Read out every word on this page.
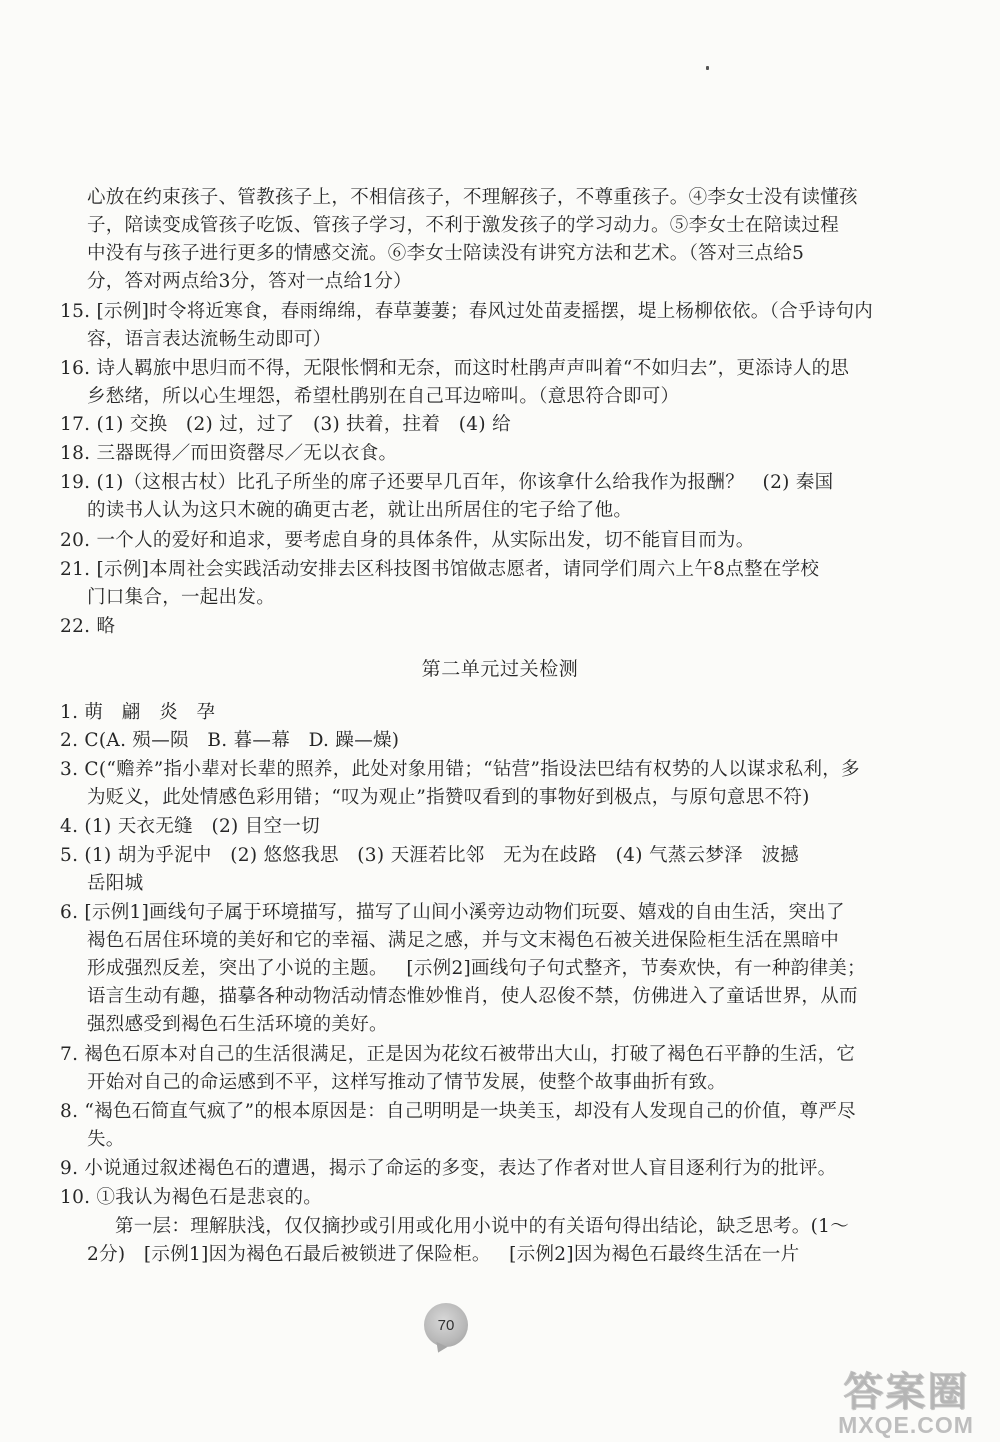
心放在约束孩子、管教孩子上，不相信孩子，不理解孩子，不尊重孩子。④李女士没有读懂孩
子，陪读变成管孩子吃饭、管孩子学习，不利于激发孩子的学习动力。⑤李女士在陪读过程
中没有与孩子进行更多的情感交流。⑥李女士陪读没有讲究方法和艺术。（答对三点给5
分，答对两点给3分，答对一点给1分）
15. [示例]时令将近寒食，春雨绵绵，春草萋萋；春风过处苗麦摇摆，堤上杨柳依依。（合乎诗句内
容，语言表达流畅生动即可）
16. 诗人羁旅中思归而不得，无限怅惘和无奈，而这时杜鹃声声叫着“不如归去”，更添诗人的思
乡愁绪，所以心生埋怨，希望杜鹃别在自己耳边啼叫。（意思符合即可）
17. (1) 交换   (2) 过，过了   (3) 扶着，拄着   (4) 给
18. 三器既得／而田资罄尽／无以衣食。
19. (1)（这根古杖）比孔子所坐的席子还要早几百年，你该拿什么给我作为报酬？   (2) 秦国
的读书人认为这只木碗的确更古老，就让出所居住的宅子给了他。
20. 一个人的爱好和追求，要考虑自身的具体条件，从实际出发，切不能盲目而为。
21. [示例]本周社会实践活动安排去区科技图书馆做志愿者，请同学们周六上午8点整在学校
门口集合，一起出发。
22. 略
第二单元过关检测
1. 萌   翩   炎   孕
2. C(A. 殒—陨   B. 暮—幕   D. 躁—燥)
3. C(“赡养”指小辈对长辈的照养，此处对象用错；“钻营”指设法巴结有权势的人以谋求私利，多
为贬义，此处情感色彩用错；“叹为观止”指赞叹看到的事物好到极点，与原句意思不符)
4. (1) 天衣无缝   (2) 目空一切
5. (1) 胡为乎泥中   (2) 悠悠我思   (3) 天涯若比邻   无为在歧路   (4) 气蒸云梦泽   波撼
岳阳城
6. [示例1]画线句子属于环境描写，描写了山间小溪旁边动物们玩耍、嬉戏的自由生活，突出了
褐色石居住环境的美好和它的幸福、满足之感，并与文末褐色石被关进保险柜生活在黑暗中
形成强烈反差，突出了小说的主题。   [示例2]画线句子句式整齐，节奏欢快，有一种韵律美；
语言生动有趣，描摹各种动物活动情态惟妙惟肖，使人忍俊不禁，仿佛进入了童话世界，从而
强烈感受到褐色石生活环境的美好。
7. 褐色石原本对自己的生活很满足，正是因为花纹石被带出大山，打破了褐色石平静的生活，它
开始对自己的命运感到不平，这样写推动了情节发展，使整个故事曲折有致。
8. “褐色石简直气疯了”的根本原因是：自己明明是一块美玉，却没有人发现自己的价值，尊严尽
失。
9. 小说通过叙述褐色石的遭遇，揭示了命运的多变，表达了作者对世人盲目逐利行为的批评。
10. ①我认为褐色石是悲哀的。
第一层：理解肤浅，仅仅摘抄或引用或化用小说中的有关语句得出结论，缺乏思考。(1～
2分)   [示例1]因为褐色石最后被锁进了保险柜。   [示例2]因为褐色石最终生活在一片
70
答案圈
MXQE.COM
